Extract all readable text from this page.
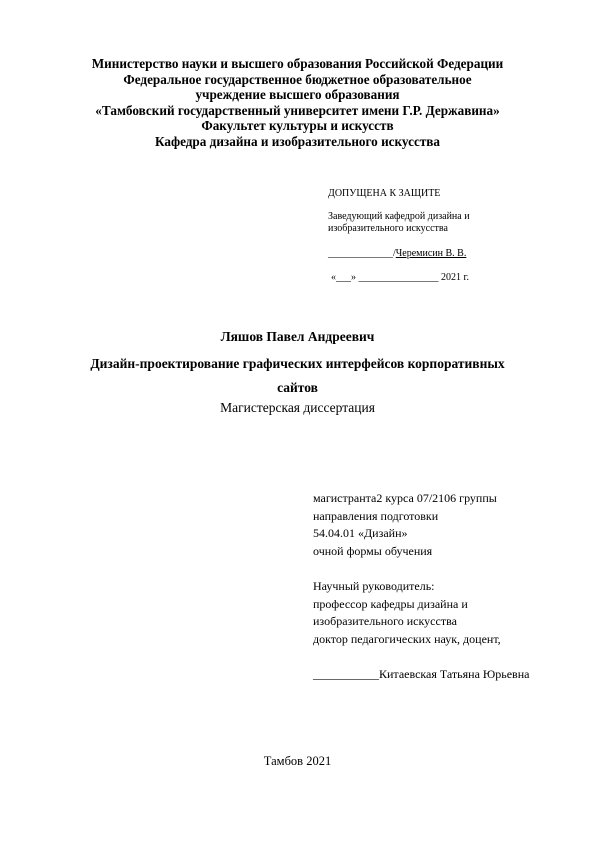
Министерство науки и высшего образования Российской Федерации
Федеральное государственное бюджетное образовательное
учреждение высшего образования
«Тамбовский государственный университет имени Г.Р. Державина»
Факультет культуры и искусств
Кафедра дизайна и изобразительного искусства
ДОПУЩЕНА К ЗАЩИТЕ
Заведующий кафедрой дизайна и
изобразительного искусства
_____________/Черемисин В. В.
«___» ________________ 2021 г.
Ляшов Павел Андреевич
Дизайн-проектирование графических интерфейсов корпоративных
сайтов
Магистерская диссертация
магистранта2 курса 07/2106 группы
направления подготовки
54.04.01 «Дизайн»
очной формы обучения
Научный руководитель:
профессор кафедры дизайна и
изобразительного искусства
доктор педагогических наук, доцент,
___________Китаевская Татьяна Юрьевна
Тамбов 2021
